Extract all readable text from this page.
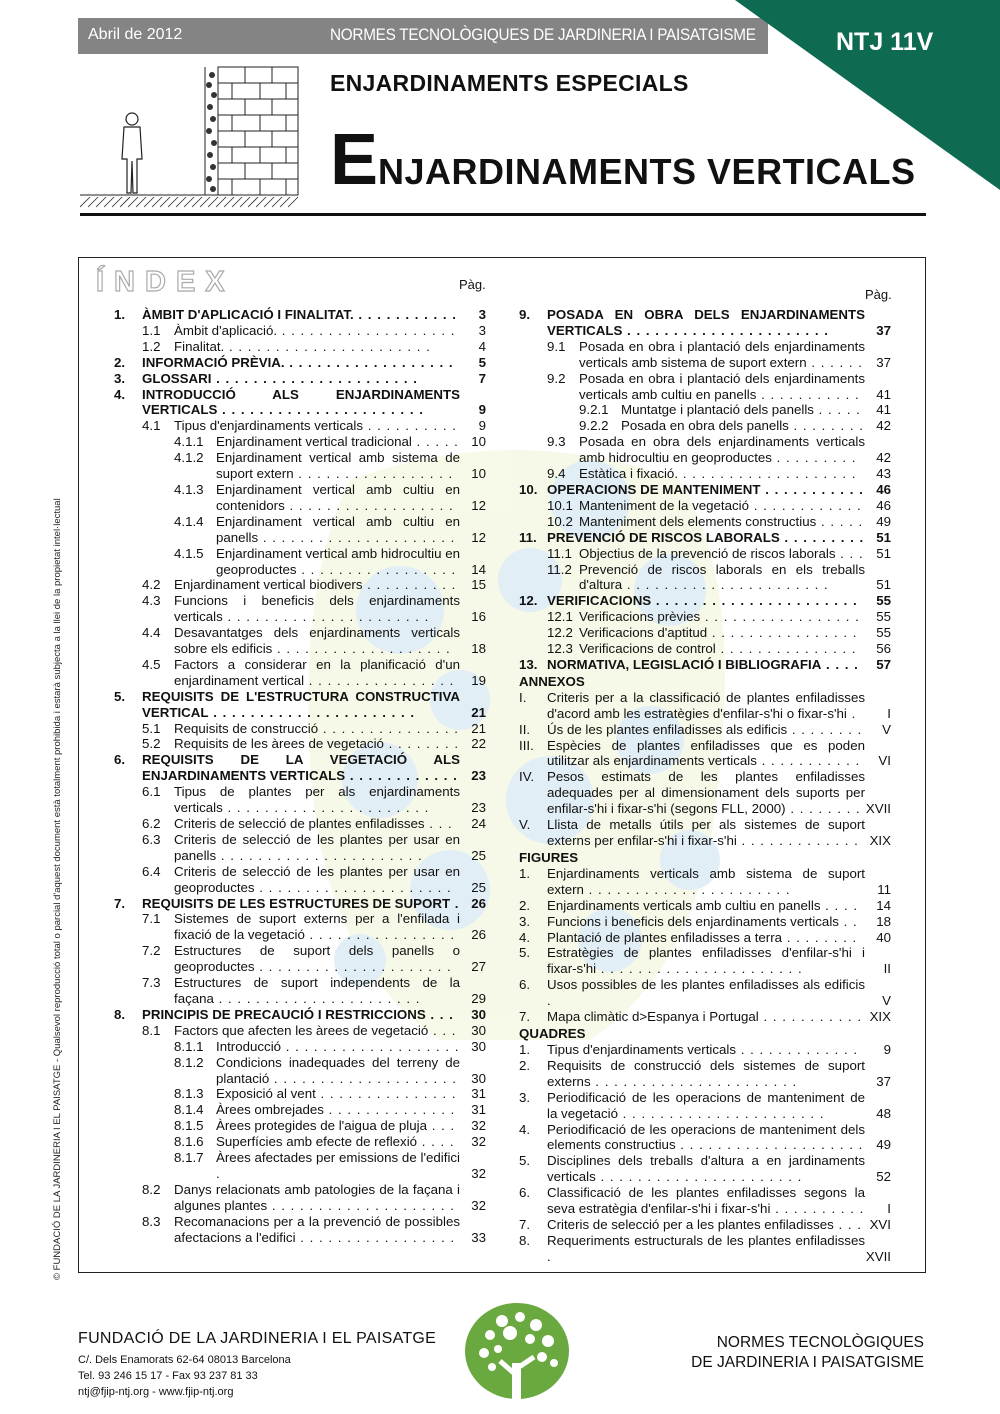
Abril de 2012	NORMES TECNOLÒGIQUES DE JARDINERIA I PAISATGISME	NTJ 11V
ENJARDINAMENTS ESPECIALS
ENJARDINAMENTS VERTICALS
© FUNDACIÓ DE LA JARDINERIA I EL PAISATGE - Qualsevol reproducció total o parcial d'aquest document està totalment prohibida i estarà subjecta a la llei de la propietat intel·lectual
ÍNDEX	Pàg.
Pàg.
1.	ÀMBIT D'APLICACIÓ I FINALITAT. . . . . . . . . . . .	3
1.1	Àmbit d'aplicació. . . . . . . . . . . . . . . . . . . .	3
1.2	Finalitat. . . . . . . . . . . . . . . . . . . . . . .	4
2.	INFORMACIÓ PRÈVIA. . . . . . . . . . . . . . . . . . .	5
3.	GLOSSARI . . . . . . . . . . . . . . . . . . . . . .	7
4.	INTRODUCCIÓ ALS ENJARDINAMENTS VERTICALS . . . . . . . . . . . . . . . . . . . . . .	9
4.1	Tipus d'enjardinaments verticals . . . . . . . . . .	9
4.1.1 Enjardinament vertical tradicional . . . . . 10
4.1.2 Enjardinament vertical amb sistema de suport extern . . . . . . . . . . . . . . . . .	10
4.1.3 Enjardinament vertical amb cultiu en contenidors . . . . . . . . . . . . . . . . . .	12
4.1.4 Enjardinament vertical amb cultiu en panells . . . . . . . . . . . . . . . . . . . . .	12
4.1.5 Enjardinament vertical amb hidrocultiu en geoproductes . . . . . . . . . . . . . . . . .	14
4.2	Enjardinament vertical biodivers . . . . . . . . . .	15
4.3	Funcions i beneficis dels enjardinaments verticals . . . . . . . . . . . . . . . . . . . . . .	16
4.4	Desavantatges dels enjardinaments verticals sobre els edificis . . . . . . . . . . . . . . . . . . .	18
4.5	Factors a considerar en la planificació d'un enjardinament vertical . . . . . . . . . . . . . . . .	19
5.	REQUISITS DE L'ESTRUCTURA CONSTRUCTIVA VERTICAL . . . . . . . . . . . . . . . . . . . . . .	21
5.1	Requisits de construcció . . . . . . . . . . . . . . . 21
5.2	Requisits de les àrees de vegetació . . . . . . . . 22
6.	REQUISITS DE LA VEGETACIÓ ALS ENJARDINAMENTS VERTICALS . . . . . . . . . . . .	23
6.1	Tipus de plantes per als enjardinaments verticals . . . . . . . . . . . . . . . . . . . . . .	23
6.2	Criteris de selecció de plantes enfiladisses . . .	24
6.3	Criteris de selecció de les plantes per usar en panells . . . . . . . . . . . . . . . . . . . . . .	25
6.4	Criteris de selecció de les plantes per usar en geoproductes . . . . . . . . . . . . . . . . . . . . .	25
7.	REQUISITS DE LES ESTRUCTURES DE SUPORT . 26
7.1	Sistemes de suport externs per a l'enfilada i fixació de la vegetació . . . . . . . . . . . . . . . .	26
7.2	Estructures de suport dels panells o geoproductes . . . . . . . . . . . . . . . . . . . . .	27
7.3	Estructures de suport independents de la façana . . . . . . . . . . . . . . . . . . . . . .	29
8.	PRINCIPIS DE PRECAUCIÓ I RESTRICCIONS . . .	30
8.1	Factors que afecten les àrees de vegetació . . .	30
8.1.1 Introducció . . . . . . . . . . . . . . . . . . . 30
8.1.2 Condicions inadequades del terreny de plantació . . . . . . . . . . . . . . . . . . . .	30
8.1.3 Exposició al vent . . . . . . . . . . . . . . .	31
8.1.4 Àrees ombrejades . . . . . . . . . . . . . .	31
8.1.5 Àrees protegides de l'aigua de pluja . . .	32
8.1.6 Superfícies amb efecte de reflexió . . . .	32
8.1.7 Àrees afectades per emissions de l'edifici .	32
8.2	Danys relacionats amb patologies de la façana i algunes plantes . . . . . . . . . . . . . . . . . . . .	32
8.3	Recomanacions per a la prevenció de possibles afectacions a l'edifici . . . . . . . . . . . . . . . . .	33
9.	POSADA EN OBRA DELS ENJARDINAMENTS VERTICALS . . . . . . . . . . . . . . . . . . . . . .	37
9.1	Posada en obra i plantació dels enjardinaments verticals amb sistema de suport extern . . . . . . 37
9.2	Posada en obra i plantació dels enjardinaments verticals amb cultiu en panells . . . . . . . . . . .	41
9.2.1 Muntatge i plantació dels panells . . . . .	41
9.2.2 Posada en obra dels panells . . . . . . . . 42
9.3	Posada en obra dels enjardinaments verticals amb hidrocultiu en geoproductes . . . . . . . . .	42
9.4	Estàtica i fixació. . . . . . . . . . . . . . . . . . . .	43
10. OPERACIONS DE MANTENIMENT . . . . . . . . . . . 46
10.1 Manteniment de la vegetació . . . . . . . . . . . .	46
10.2 Manteniment dels elements constructius . . . . . 49
11. PREVENCIÓ DE RISCOS LABORALS . . . . . . . . . 51
11.1 Objectius de la prevenció de riscos laborals . . . 51
11.2 Prevenció de riscos laborals en els treballs d'altura . . . . . . . . . . . . . . . . . . . . . .	51
12. VERIFICACIONS . . . . . . . . . . . . . . . . . . . . . .	55
12.1 Verificacions prèvies . . . . . . . . . . . . . . . . .	55
12.2 Verificacions d'aptitud . . . . . . . . . . . . . . . .	55
12.3 Verificacions de control . . . . . . . . . . . . . . .	56
13. NORMATIVA, LEGISLACIÓ I BIBLIOGRAFIA . . . .	57
ANNEXOS
I.	Criteris per a la classificació de plantes enfiladisses d'acord amb les estratègies d'enfilar-s'hi o fixar-s'hi .	I
II.	Ús de les plantes enfiladisses als edificis . . . . . . . .	V
III. Espècies de plantes enfiladisses que es poden utilitzar als enjardinaments verticals . . . . . . . . . . .	VI
IV. Pesos estimats de les plantes enfiladisses adequades per al dimensionament dels suports per enfilar-s'hi i fixar-s'hi (segons FLL, 2000) . . . . . . . . XVII
V.	Llista de metalls útils per als sistemes de suport externs per enfilar-s'hi i fixar-s'hi . . . . . . . . . . . . . XIX
FIGURES
1.	Enjardinaments verticals amb sistema de suport extern . . . . . . . . . . . . . . . . . . . . . .	11
2.	Enjardinaments verticals amb cultiu en panells . . . .	14
3.	Funcions i beneficis dels enjardinaments verticals . .	18
4.	Plantació de plantes enfiladisses a terra . . . . . . . .	40
5.	Estratègies de plantes enfiladisses d'enfilar-s'hi i fixar-s'hi . . . . . . . . . . . . . . . . . . . . . .	II
6.	Usos possibles de les plantes enfiladisses als edificis .	V
7.	Mapa climàtic d>Espanya i Portugal . . . . . . . . . . . XIX
QUADRES
1.	Tipus d'enjardinaments verticals . . . . . . . . . . . . .	9
2.	Requisits de construcció dels sistemes de suport externs . . . . . . . . . . . . . . . . . . . . . .	37
3.	Periodificació de les operacions de manteniment de la vegetació . . . . . . . . . . . . . . . . . . . . . .	48
4.	Periodificació de les operacions de manteniment dels elements constructius . . . . . . . . . . . . . . . . . . . . 49
5.	Disciplines dels treballs d'altura a en jardinaments verticals . . . . . . . . . . . . . . . . . . . . . .	52
6.	Classificació de les plantes enfiladisses segons la seva estratègia d'enfilar-s'hi i fixar-s'hi . . . . . . . . . .	I
7.	Criteris de selecció per a les plantes enfiladisses . . . XVI
8.	Requeriments estructurals de les plantes enfiladisses .	XVII
FUNDACIÓ DE LA JARDINERIA I EL PAISATGE
C/. Dels Enamorats 62-64 08013 Barcelona
Tel. 93 246 15 17 - Fax 93 237 81 33
ntj@fjip-ntj.org - www.fjip-ntj.org
NORMES TECNOLÒGIQUES
DE JARDINERIA I PAISATGISME
